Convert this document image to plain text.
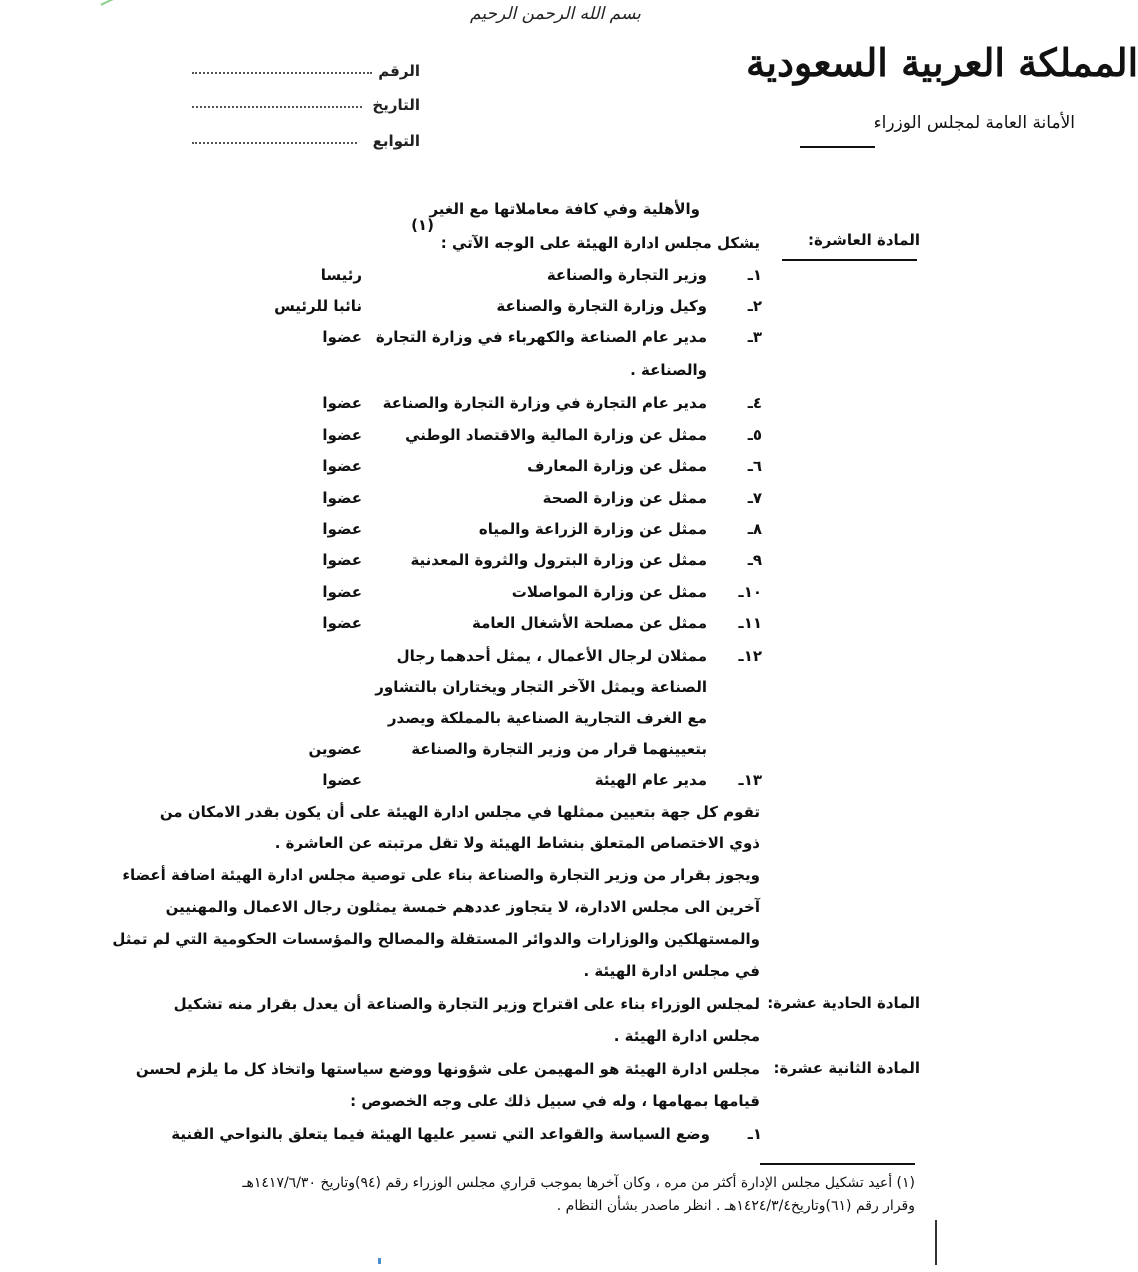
بسم الله الرحمن الرحيم
الرقم
التاريخ
التوابع
المملكة العربية السعودية
الأمانة العامة لمجلس الوزراء
والأهلية وفي كافة معاملاتها مع الغير
المادة العاشرة:
يشكل مجلس ادارة الهيئة على الوجه الآتي :
(١)
١ـ
وزير التجارة والصناعة
رئيسا
٢ـ
وكيل وزارة التجارة والصناعة
نائبا للرئيس
٣ـ
مدير عام الصناعة والكهرباء في وزارة التجارة
عضوا
والصناعة .
٤ـ
مدير عام التجارة في وزارة التجارة والصناعة
عضوا
٥ـ
ممثل عن وزارة المالية والاقتصاد الوطني
عضوا
٦ـ
ممثل عن وزارة المعارف
عضوا
٧ـ
ممثل عن وزارة الصحة
عضوا
٨ـ
ممثل عن وزارة الزراعة والمياه
عضوا
٩ـ
ممثل عن وزارة البترول والثروة المعدنية
عضوا
١٠ـ
ممثل عن وزارة المواصلات
عضوا
١١ـ
ممثل عن مصلحة الأشغال العامة
عضوا
١٢ـ
ممثلان لرجال الأعمال ، يمثل أحدهما رجال
الصناعة ويمثل الآخر التجار ويختاران بالتشاور
مع الغرف التجارية الصناعية بالمملكة ويصدر
بتعيينهما قرار من وزير التجارة والصناعة
عضوين
١٣ـ
مدير عام الهيئة
عضوا
تقوم كل جهة بتعيين ممثلها في مجلس ادارة الهيئة على أن يكون بقدر الامكان من
ذوي الاختصاص المتعلق بنشاط الهيئة ولا تقل مرتبته عن العاشرة .
ويجوز بقرار من وزير التجارة والصناعة بناء على توصية مجلس ادارة الهيئة اضافة أعضاء
آخرين الى مجلس الادارة، لا يتجاوز عددهم خمسة يمثلون رجال الاعمال والمهنيين
والمستهلكين والوزارات والدوائر المستقلة والمصالح والمؤسسات الحكومية التي لم تمثل
في مجلس ادارة الهيئة .
المادة الحادية عشرة:
لمجلس الوزراء بناء على اقتراح وزير التجارة والصناعة أن يعدل بقرار منه تشكيل
مجلس ادارة الهيئة .
المادة الثانية عشرة:
مجلس ادارة الهيئة هو المهيمن على شؤونها ووضع سياستها واتخاذ كل ما يلزم لحسن
قيامها بمهامها ، وله في سبيل ذلك على وجه الخصوص :
١ـ
وضع السياسة والقواعد التي تسير عليها الهيئة فيما يتعلق بالنواحي الفنية
(١) أعيد تشكيل مجلس الإدارة أكثر من مره ، وكان آخرها بموجب قراري مجلس الوزراء رقم (٩٤)وتاريخ ١٤١٧/٦/٣٠هـ
وقرار رقم (٦١)وتاريخ١٤٢٤/٣/٤هـ . انظر ماصدر بشأن النظام .
